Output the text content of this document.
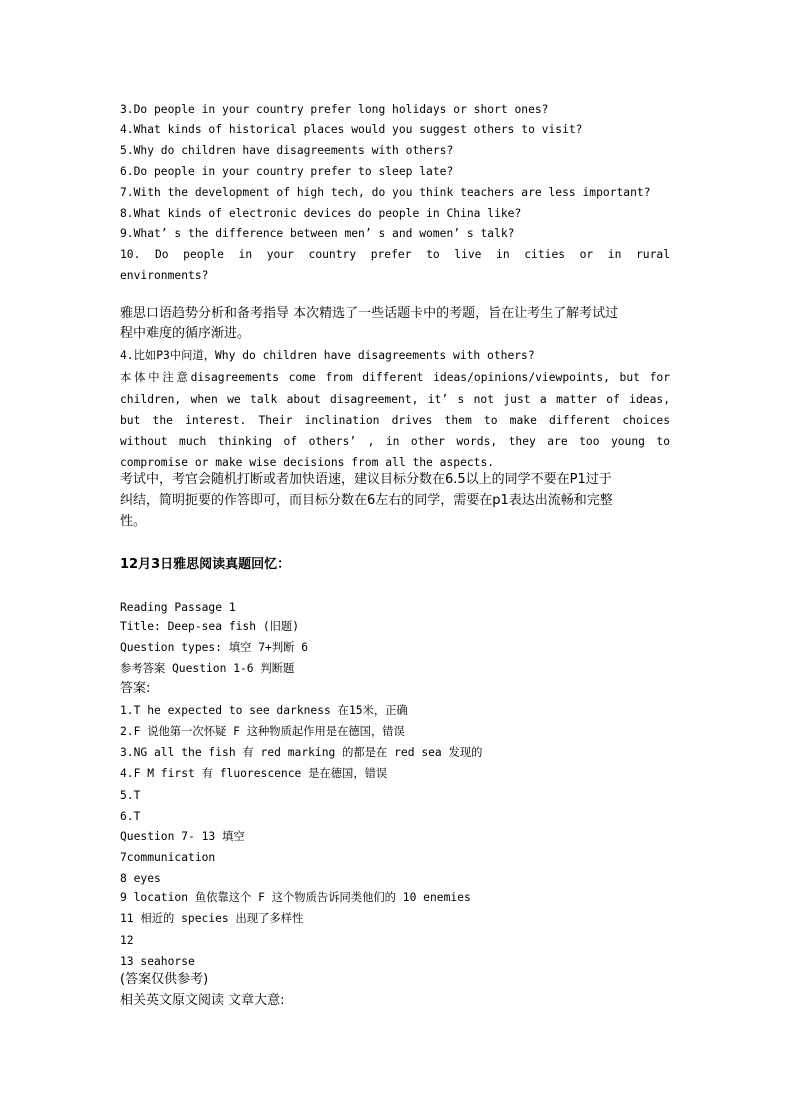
3.Do people in your country prefer long holidays or short ones?
4.What kinds of historical places would you suggest others to visit?
5.Why do children have disagreements with others?
6.Do people in your country prefer to sleep late?
7.With the development of high tech, do you think teachers are less important?
8.What kinds of electronic devices do people in China like?
9.What’ s the difference between men’ s and women’ s talk?
10. Do people in your country prefer to live in cities or in rural
environments?
雅思口语趋势分析和备考指导 本次精选了一些话题卡中的考题，旨在让考生了解考试过
程中难度的循序渐进。
4.比如P3中问道，Why do children have disagreements with others?
本体中注意disagreements come from different ideas/opinions/viewpoints, but for
children, when we talk about disagreement, it’ s not just a matter of ideas,
but the interest. Their inclination drives them to make different choices
without much thinking of others’ , in other words, they are too young to
compromise or make wise decisions from all the aspects.
考试中，考官会随机打断或者加快语速，建议目标分数在6.5以上的同学不要在P1过于
纠结，简明扼要的作答即可，而目标分数在6左右的同学，需要在p1表达出流畅和完整
性。
12月3日雅思阅读真题回忆：
Reading Passage 1
Title: Deep-sea fish (旧题)
Question types: 填空 7+判断 6
参考答案 Question 1-6 判断题
答案:
1.T he expected to see darkness 在15米，正确
2.F 说他第一次怀疑 F 这种物质起作用是在德国，错误
3.NG all the fish 有 red marking 的都是在 red sea 发现的
4.F M first 有 fluorescence 是在德国，错误
5.T
6.T
Question 7- 13 填空
7communication
8 eyes
9 location 鱼依靠这个 F 这个物质告诉同类他们的 10 enemies
11 相近的 species 出现了多样性
12
13 seahorse
(答案仅供参考)
相关英文原文阅读 文章大意:
